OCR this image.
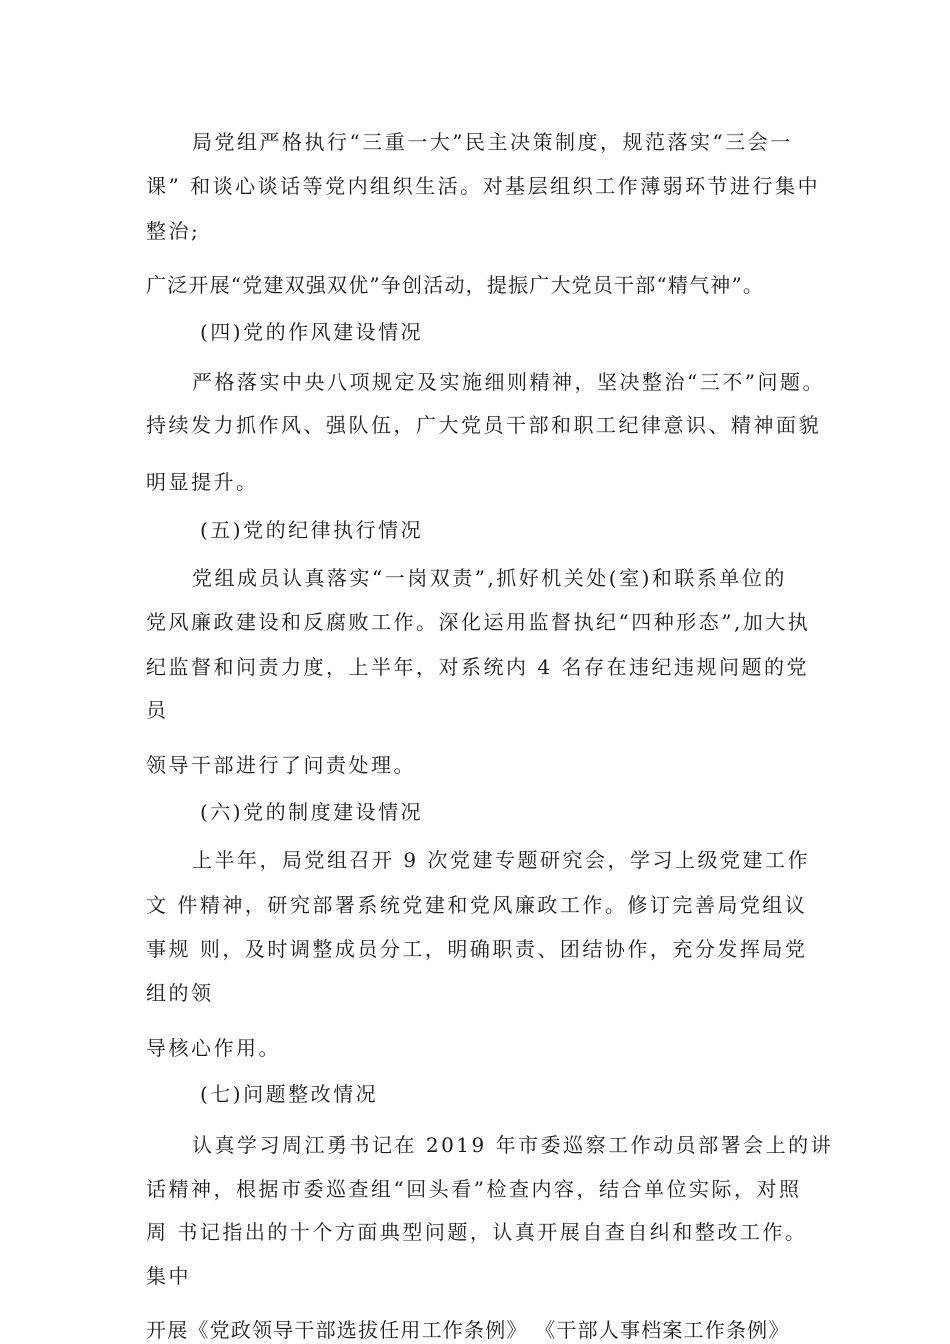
局党组严格执行“三重一大”民主决策制度，规范落实“三会一
课” 和谈心谈话等党内组织生活。对基层组织工作薄弱环节进行集中
整治;
广泛开展“党建双强双优”争创活动，提振广大党员干部“精气神”。
(四)党的作风建设情况
严格落实中央八项规定及实施细则精神，坚决整治“三不”问题。
持续发力抓作风、强队伍，广大党员干部和职工纪律意识、精神面貌
明显提升。
(五)党的纪律执行情况
党组成员认真落实“一岗双责”,抓好机关处(室)和联系单位的
党风廉政建设和反腐败工作。深化运用监督执纪“四种形态”,加大执
纪监督和问责力度，上半年，对系统内 4 名存在违纪违规问题的党
员
领导干部进行了问责处理。
(六)党的制度建设情况
上半年，局党组召开 9 次党建专题研究会，学习上级党建工作
文 件精神，研究部署系统党建和党风廉政工作。修订完善局党组议
事规 则，及时调整成员分工，明确职责、团结协作，充分发挥局党
组的领
导核心作用。
(七)问题整改情况
认真学习周江勇书记在 2019 年市委巡察工作动员部署会上的讲
话精神，根据市委巡查组“回头看”检查内容，结合单位实际，对照
周 书记指出的十个方面典型问题，认真开展自查自纠和整改工作。
集中
开展《党政领导干部选拔任用工作条例》 《干部人事档案工作条例》
